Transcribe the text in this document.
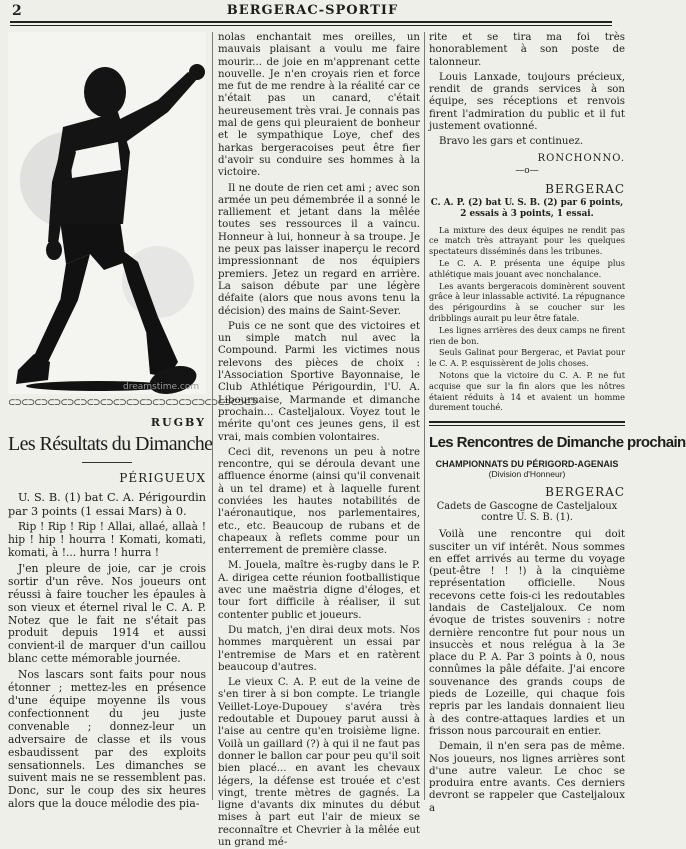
2	BERGERAC-SPORTIF
dreamstime.com
⊂⊃⊂⊃⊂⊃⊂⊃⊂⊃⊂⊃⊂⊃⊂⊃⊂⊃⊂⊃⊂⊃⊂⊃⊂⊃⊂⊃⊂⊃⊂⊃⊂⊃⊂⊃⊂⊃
RUGBY
Les Résultats du Dimanche
PÉRIGUEUX

U. S. B. (1) bat C. A. Périgourdin par 3 points (1 essai Mars) à 0.

Rip ! Rip ! Rip ! Allai, allaé, allaà ! hip ! hip ! hourra ! Komati, komati, komati, à !... hurra ! hurra !

J'en pleure de joie, car je crois sortir d'un rêve. Nos joueurs ont réussi à faire toucher les épaules à son vieux et éternel rival le C. A. P. Notez que le fait ne s'était pas produit depuis 1914 et aussi convient-il de marquer d'un caillou blanc cette mémorable journée.

Nos lascars sont faits pour nous étonner ; mettez-les en présence d'une équipe moyenne ils vous confectionnent du jeu juste convenable ; donnez-leur un adversaire de classe et ils vous esbaudissent par des exploits sensationnels. Les dimanches se suivent mais ne se ressemblent pas. Donc, sur le coup des six heures alors que la douce mélodie des pia-

nolas enchantait mes oreilles, un mauvais plaisant a voulu me faire mourir... de joie en m'apprenant cette nouvelle. Je n'en croyais rien et force me fut de me rendre à la réalité car ce n'était pas un canard, c'était heureusement très vrai. Je connais pas mal de gens qui pleuraient de bonheur et le sympathique Loye, chef des harkas bergeracoises peut être fier d'avoir su conduire ses hommes à la victoire.

Il ne doute de rien cet ami ; avec son armée un peu démembrée il a sonné le ralliement et jetant dans la mêlée toutes ses ressources il a vaincu. Honneur à lui, honneur à sa troupe. Je ne peux pas laisser inaperçu le record impressionnant de nos équipiers premiers. Jetez un regard en arrière. La saison débute par une légère défaite (alors que nous avons tenu la décision) des mains de Saint-Sever.

Puis ce ne sont que des victoires et un simple match nul avec la Compound. Parmi les victimes nous relevons des pièces de choix : l'Association Sportive Bayonnaise, le Club Athlétique Périgourdin, l'U. A. Libournaise, Marmande et dimanche prochain... Casteljaloux. Voyez tout le mérite qu'ont ces jeunes gens, il est vrai, mais combien volontaires.

Ceci dit, revenons un peu à notre rencontre, qui se déroula devant une affluence énorme (ainsi qu'il convenait à un tel drame) et à laquelle furent conviées les hautes notabilités de l'aéronautique, nos parlementaires, etc., etc. Beaucoup de rubans et de chapeaux à reflets comme pour un enterrement de première classe.

M. Jouela, maître ès-rugby dans le P. A. dirigea cette réunion footballistique avec une maëstria digne d'éloges, et tour fort difficile à réaliser, il sut contenter public et joueurs.

Du match, j'en dirai deux mots. Nos hommes marquèrent un essai par l'entremise de Mars et en ratèrent beaucoup d'autres.

Le vieux C. A. P. eut de la veine de s'en tirer à si bon compte. Le triangle Veillet-Loye-Dupouey s'avéra très redoutable et Dupouey parut aussi à l'aise au centre qu'en troisième ligne. Voilà un gaillard (?) à qui il ne faut pas donner le ballon car pour peu qu'il soit bien placé... en avant les chevaux légers, la défense est trouée et c'est vingt, trente mètres de gagnés. La ligne d'avants dix minutes du début mises à part eut l'air de mieux se reconnaître et Chevrier à la mêlée eut un grand mé-

rite et se tira ma foi très honorablement à son poste de talonneur.

Louis Lanxade, toujours précieux, rendit de grands services à son équipe, ses réceptions et renvois firent l'admiration du public et il fut justement ovationné.

Bravo les gars et continuez.

RONCHONNO.
—o—
BERGERAC
C. A. P. (2) bat U. S. B. (2) par 6 points, 2 essais à 3 points, 1 essai.

La mixture des deux équipes ne rendit pas ce match très attrayant pour les quelques spectateurs disséminés dans les tribunes.

Le C. A. P. présenta une équipe plus athlétique mais jouant avec nonchalance.

Les avants bergeracois dominèrent souvent grâce à leur inlassable activité. La répugnance des périgourdins à se coucher sur les dribblings aurait pu leur être fatale.

Les lignes arrières des deux camps ne firent rien de bon.

Seuls Galinat pour Bergerac, et Paviat pour le C. A. P. esquissèrent de jolis choses.

Notons que la victoire du C. A. P. ne fut acquise que sur la fin alors que les nôtres étaient réduits à 14 et avaient un homme durement touché.

Les Rencontres de Dimanche prochain
CHAMPIONNATS DU PÉRIGORD-AGENAIS
(Division d'Honneur)
BERGERAC
Cadets de Gascogne de Casteljaloux contre U. S. B. (1).

Voilà une rencontre qui doit susciter un vif intérêt. Nous sommes en effet arrivés au terme du voyage (peut-être ! ! !) à la cinquième représentation officielle. Nous recevons cette fois-ci les redoutables landais de Casteljaloux. Ce nom évoque de tristes souvenirs : notre dernière rencontre fut pour nous un insuccès et nous relégua à la 3e place du P. A. Par 3 points à 0, nous connûmes la pâle défaite. J'ai encore souvenance des grands coups de pieds de Lozeille, qui chaque fois repris par les landais donnaient lieu à des contre-attaques lardies et un frisson nous parcourait en entier.

Demain, il n'en sera pas de même. Nos joueurs, nos lignes arrières sont d'une autre valeur. Le choc se produira entre avants. Ces derniers devront se rappeler que Casteljaloux a
